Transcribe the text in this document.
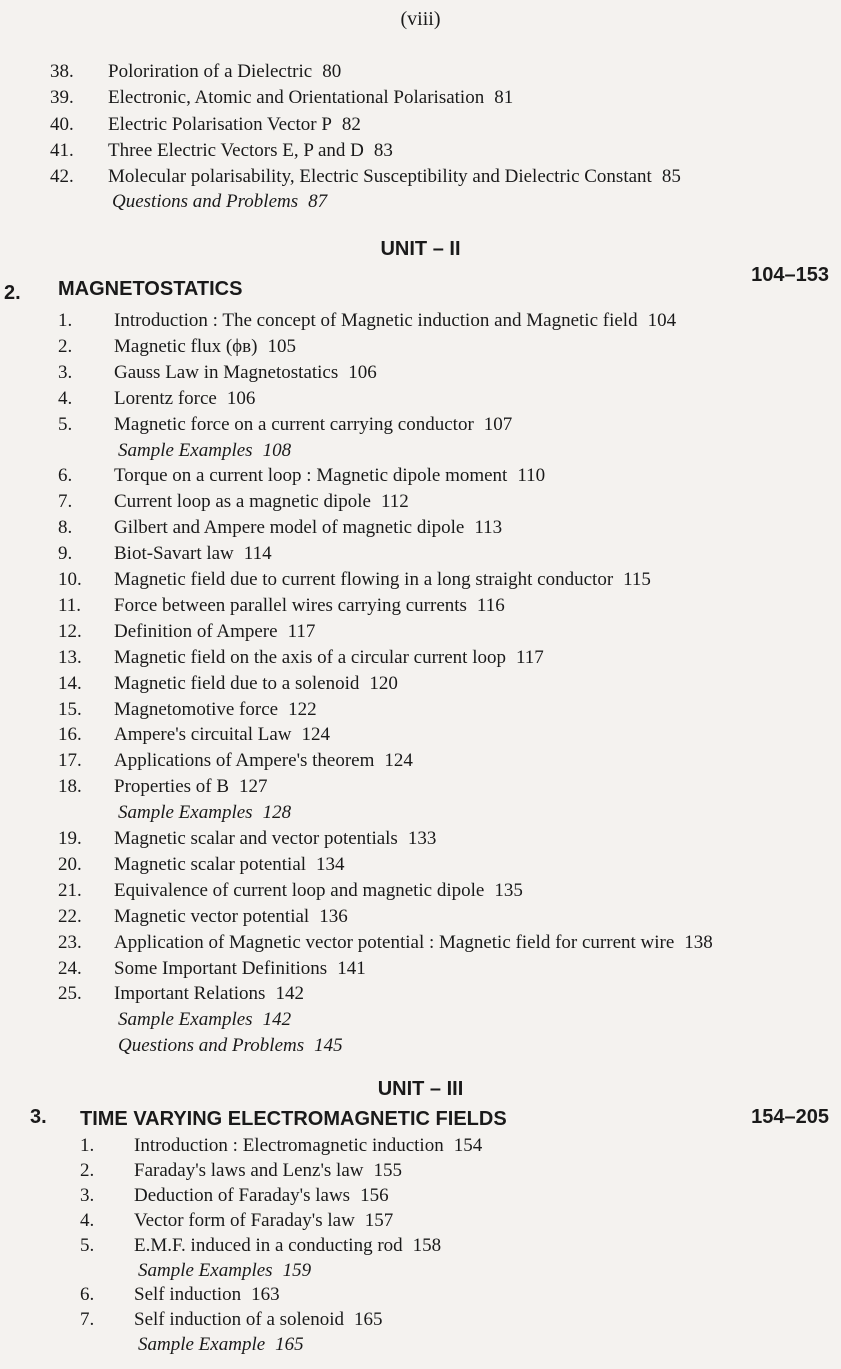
(viii)
38. Poloriration of a Dielectric 80
39. Electronic, Atomic and Orientational Polarisation 81
40. Electric Polarisation Vector P 82
41. Three Electric Vectors E, P and D 83
42. Molecular polarisability, Electric Susceptibility and Dielectric Constant 85
Questions and Problems 87
UNIT – II
2. MAGNETOSTATICS
104–153
1. Introduction : The concept of Magnetic induction and Magnetic field 104
2. Magnetic flux (ϕʙ) 105
3. Gauss Law in Magnetostatics 106
4. Lorentz force 106
5. Magnetic force on a current carrying conductor 107
Sample Examples 108
6. Torque on a current loop : Magnetic dipole moment 110
7. Current loop as a magnetic dipole 112
8. Gilbert and Ampere model of magnetic dipole 113
9. Biot-Savart law 114
10. Magnetic field due to current flowing in a long straight conductor 115
11. Force between parallel wires carrying currents 116
12. Definition of Ampere 117
13. Magnetic field on the axis of a circular current loop 117
14. Magnetic field due to a solenoid 120
15. Magnetomotive force 122
16. Ampere's circuital Law 124
17. Applications of Ampere's theorem 124
18. Properties of B 127
Sample Examples 128
19. Magnetic scalar and vector potentials 133
20. Magnetic scalar potential 134
21. Equivalence of current loop and magnetic dipole 135
22. Magnetic vector potential 136
23. Application of Magnetic vector potential : Magnetic field for current wire 138
24. Some Important Definitions 141
25. Important Relations 142
Sample Examples 142
Questions and Problems 145
UNIT – III
3. TIME VARYING ELECTROMAGNETIC FIELDS	154–205
1. Introduction : Electromagnetic induction 154
2. Faraday's laws and Lenz's law 155
3. Deduction of Faraday's laws 156
4. Vector form of Faraday's law 157
5. E.M.F. induced in a conducting rod 158
Sample Examples 159
6. Self induction 163
7. Self induction of a solenoid 165
Sample Example 165
